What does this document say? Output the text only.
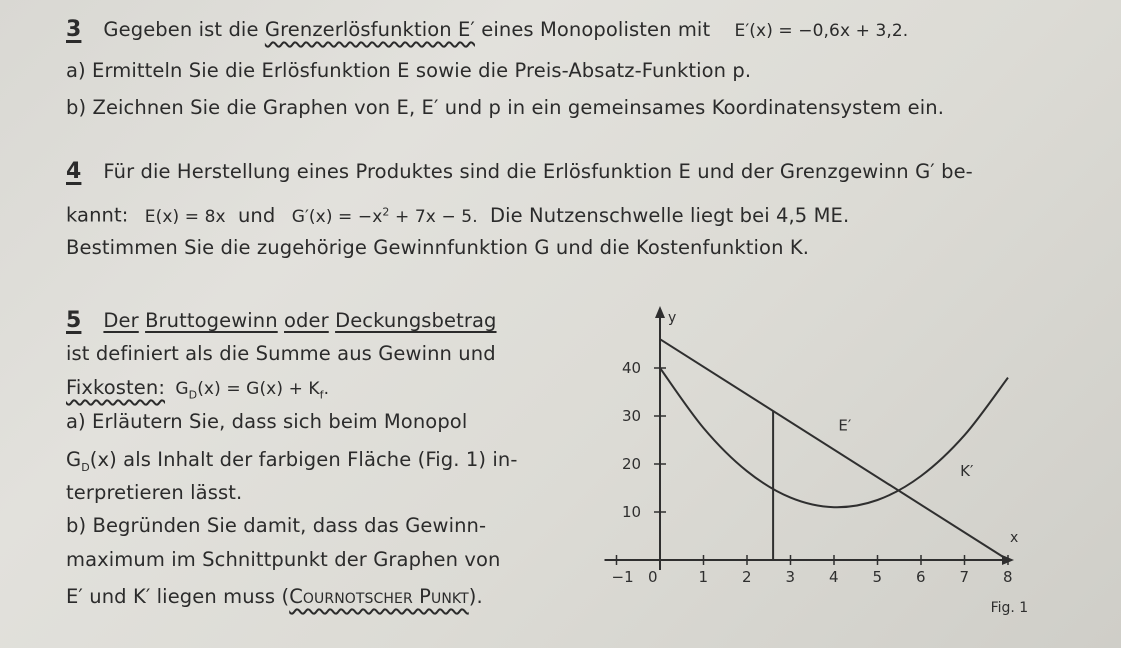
3 Gegeben ist die Grenzerlösfunktion E′ eines Monopolisten mit E′(x) = −0,6x + 3,2.
a) Ermitteln Sie die Erlösfunktion E sowie die Preis-Absatz-Funktion p.
b) Zeichnen Sie die Graphen von E, E′ und p in ein gemeinsames Koordinatensystem ein.
4 Für die Herstellung eines Produktes sind die Erlösfunktion E und der Grenzgewinn G′ be-
kannt: E(x) = 8x und $G'(x) = -x^2 + 7x - 5$. Die Nutzenschwelle liegt bei 4,5 ME.
Bestimmen Sie die zugehörige Gewinnfunktion G und die Kostenfunktion K.
5 Der Bruttogewinn oder Deckungsbetrag
ist definiert als die Summe aus Gewinn und
Fixkosten: $G_D(x) = G(x) + K_f$.
a) Erläutern Sie, dass sich beim Monopol
$G_D(x)$ als Inhalt der farbigen Fläche (Fig. 1) in-
terpretieren lässt.
b) Begründen Sie damit, dass das Gewinn-
maximum im Schnittpunkt der Graphen von
E′ und K′ liegen muss (Cournotscher Punkt).
x
y
−1 0	1 2 3 4 5 6 7 8
10
20
30
40
E′
K′
Fig. 1
